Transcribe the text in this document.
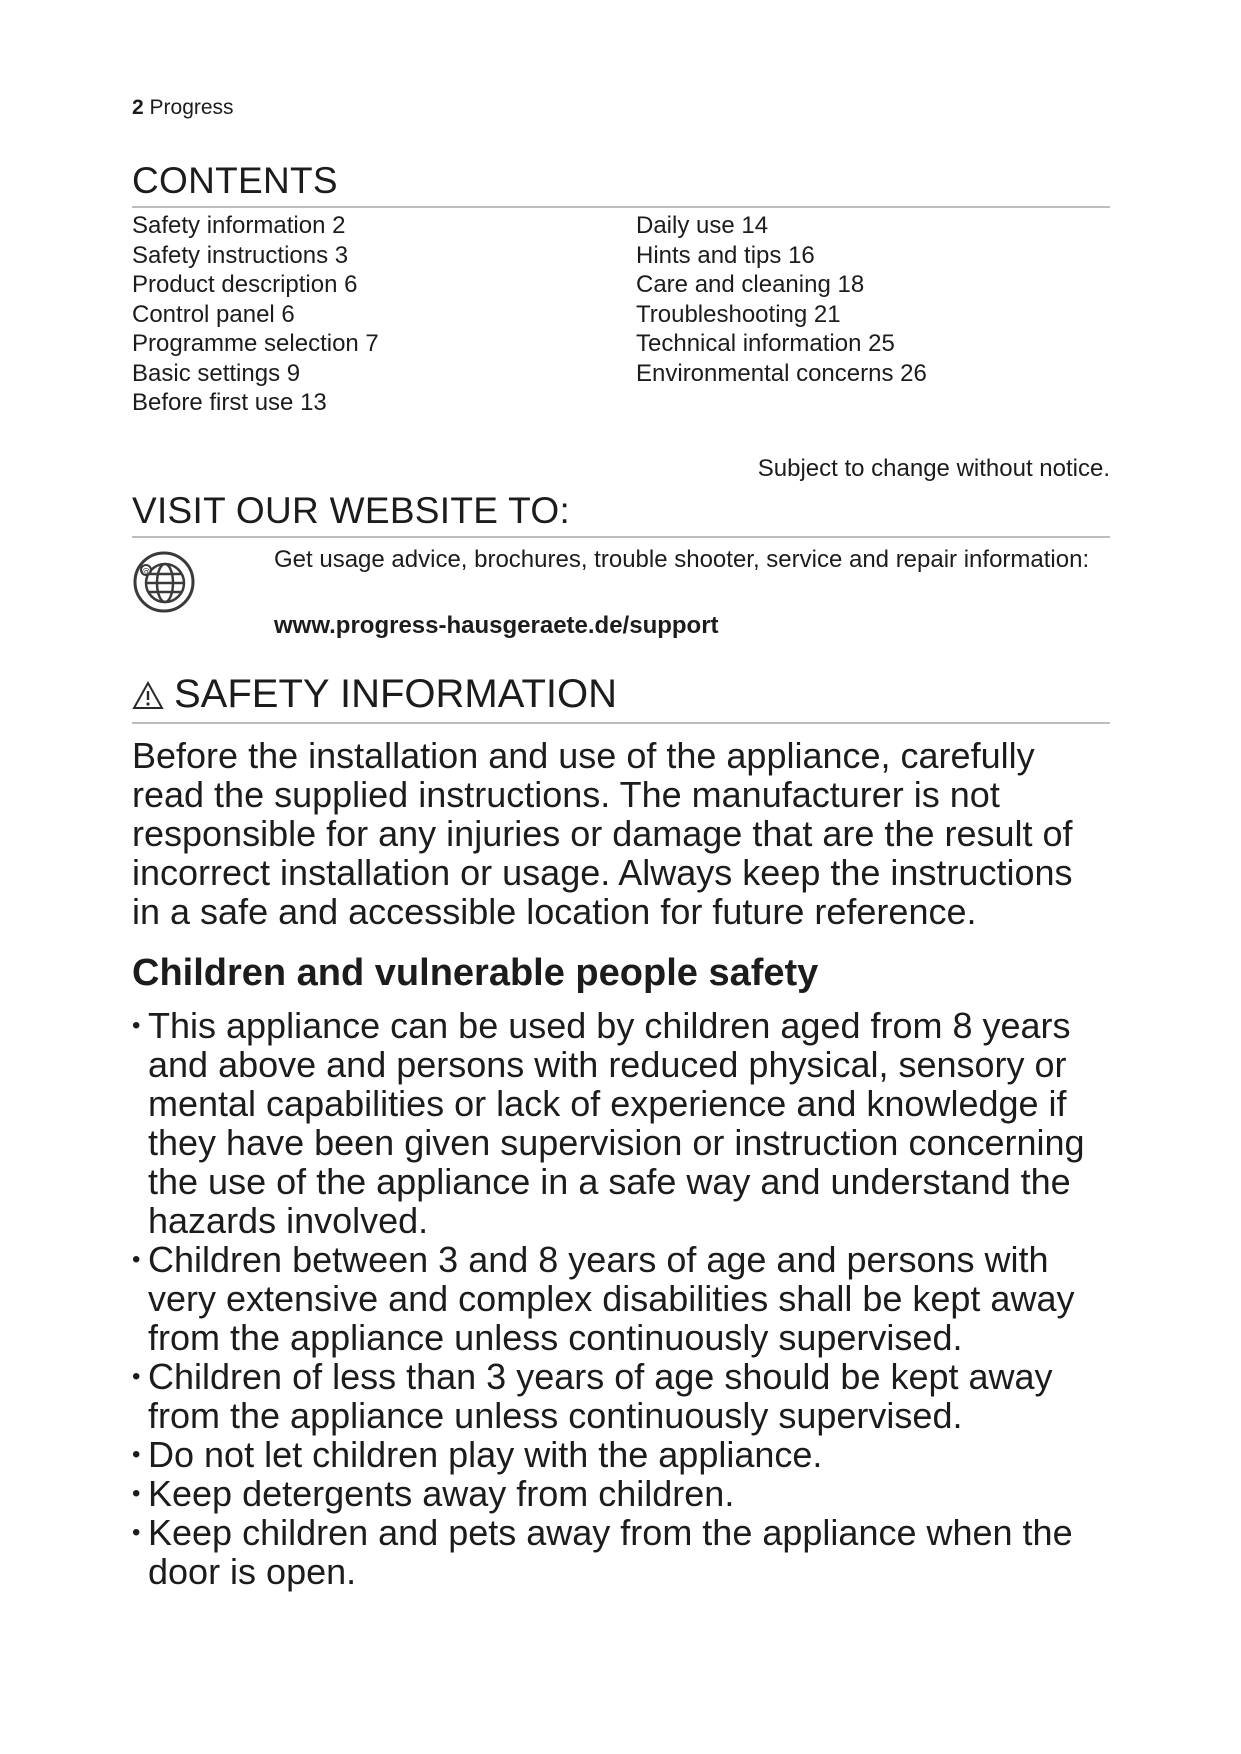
2 Progress
CONTENTS
Safety information 2
Safety instructions 3
Product description 6
Control panel 6
Programme selection 7
Basic settings 9
Before first use 13
Daily use 14
Hints and tips 16
Care and cleaning 18
Troubleshooting 21
Technical information 25
Environmental concerns 26
Subject to change without notice.
VISIT OUR WEBSITE TO:
@	Get usage advice, brochures, trouble shooter, service and repair information:
www.progress-hausgeraete.de/support
SAFETY INFORMATION

Before the installation and use of the appliance, carefully read the supplied instructions. The manufacturer is not responsible for any injuries or damage that are the result of incorrect installation or usage. Always keep the instructions in a safe and accessible location for future reference.

Children and vulnerable people safety
• This appliance can be used by children aged from 8 years and above and persons with reduced physical, sensory or mental capabilities or lack of experience and knowledge if they have been given supervision or instruction concerning the use of the appliance in a safe way and understand the hazards involved.
• Children between 3 and 8 years of age and persons with very extensive and complex disabilities shall be kept away from the appliance unless continuously supervised.
• Children of less than 3 years of age should be kept away from the appliance unless continuously supervised.
• Do not let children play with the appliance.
• Keep detergents away from children.
• Keep children and pets away from the appliance when the door is open.
